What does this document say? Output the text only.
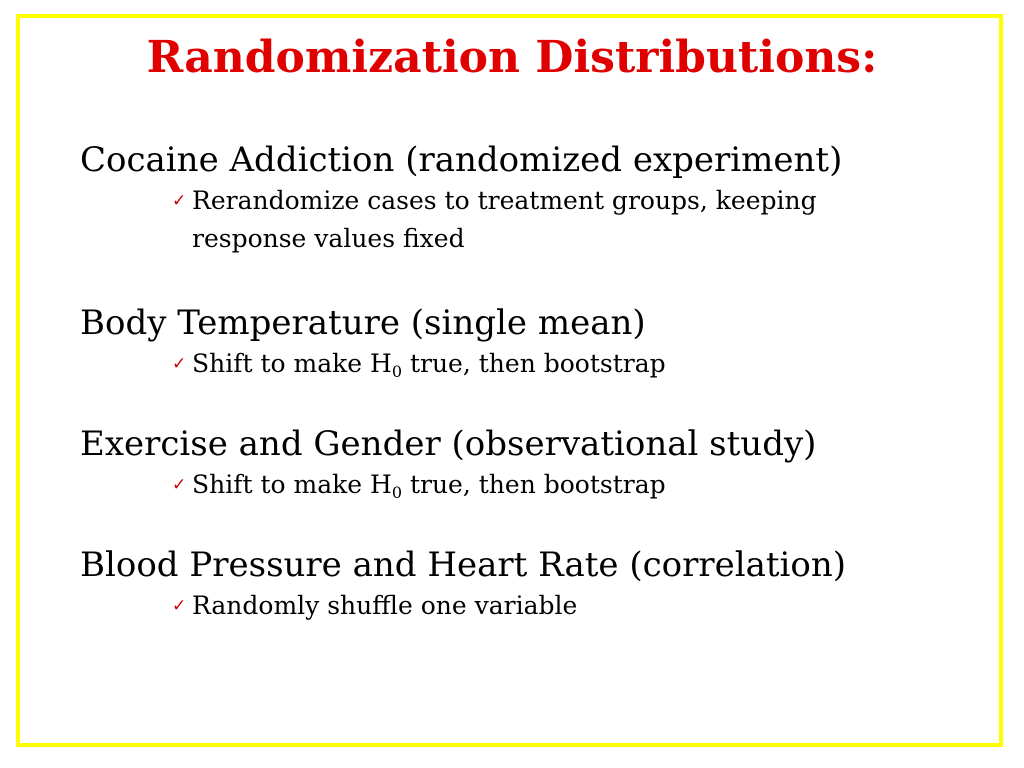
Randomization Distributions:

Cocaine Addiction (randomized experiment)

✓ Rerandomize cases to treatment groups, keeping
response values fixed

Body Temperature (single mean)

✓ Shift to make $H_0$ true, then bootstrap

Exercise and Gender (observational study)

✓ Shift to make $H_0$ true, then bootstrap

Blood Pressure and Heart Rate (correlation)

✓ Randomly shuffle one variable
